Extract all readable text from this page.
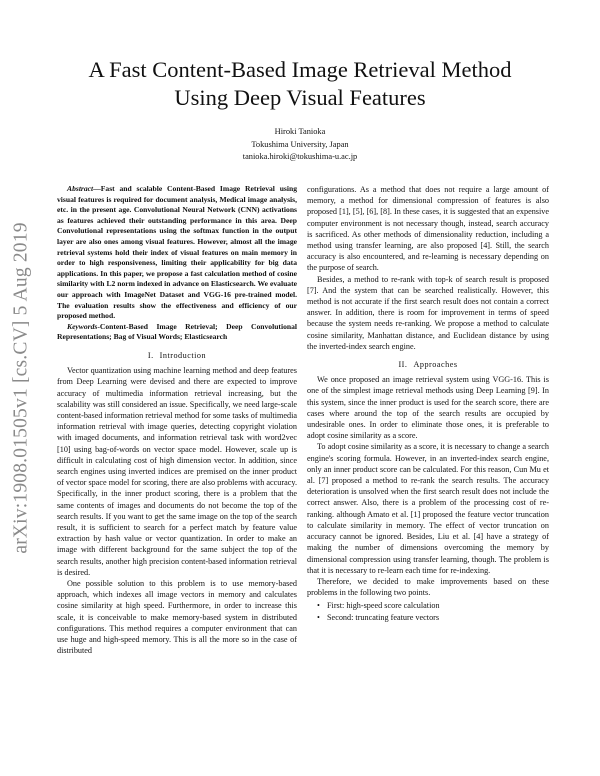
arXiv:1908.01505v1 [cs.CV] 5 Aug 2019
A Fast Content-Based Image Retrieval Method
Using Deep Visual Features
Hiroki Tanioka
Tokushima University, Japan
tanioka.hiroki@tokushima-u.ac.jp

Abstract—Fast and scalable Content-Based Image Retrieval using visual features is required for document analysis, Medical image analysis, etc. in the present age. Convolutional Neural Network (CNN) activations as features achieved their outstanding performance in this area. Deep Convolutional representations using the softmax function in the output layer are also ones among visual features. However, almost all the image retrieval systems hold their index of visual features on main memory in order to high responsiveness, limiting their applicability for big data applications. In this paper, we propose a fast calculation method of cosine similarity with L2 norm indexed in advance on Elasticsearch. We evaluate our approach with ImageNet Dataset and VGG-16 pre-trained model. The evaluation results show the effectiveness and efficiency of our proposed method.

Keywords-Content-Based Image Retrieval; Deep Convolutional Representations; Bag of Visual Words; Elasticsearch

I. Introduction

Vector quantization using machine learning method and deep features from Deep Learning were devised and there are expected to improve accuracy of multimedia information retrieval increasing, but the scalability was still considered an issue. Specifically, we need large-scale content-based information retrieval method for some tasks of multimedia information retrieval with image queries, detecting copyright violation with imaged documents, and information retrieval task with word2vec [10] using bag-of-words on vector space model. However, scale up is difficult in calculating cost of high dimension vector. In addition, since search engines using inverted indices are premised on the inner product of vector space model for scoring, there are also problems with accuracy. Specifically, in the inner product scoring, there is a problem that the same contents of images and documents do not become the top of the search results. If you want to get the same image on the top of the search result, it is sufficient to search for a perfect match by feature value extraction by hash value or vector quantization. In order to make an image with different background for the same subject the top of the search results, another high precision content-based information retrieval is desired.

One possible solution to this problem is to use memory-based approach, which indexes all image vectors in memory and calculates cosine similarity at high speed. Furthermore, in order to increase this scale, it is conceivable to make memory-based system in distributed configurations. This method requires a computer environment that can use huge and high-speed memory. This is all the more so in the case of distributed

configurations. As a method that does not require a large amount of memory, a method for dimensional compression of features is also proposed [1], [5], [6], [8]. In these cases, it is suggested that an expensive computer environment is not necessary though, instead, search accuracy is sacrificed. As other methods of dimensionality reduction, including a method using transfer learning, are also proposed [4]. Still, the search accuracy is also encountered, and re-learning is necessary depending on the purpose of search.

Besides, a method to re-rank with top-k of search result is proposed [7]. And the system that can be searched realistically. However, this method is not accurate if the first search result does not contain a correct answer. In addition, there is room for improvement in terms of speed because the system needs re-ranking. We propose a method to calculate cosine similarity, Manhattan distance, and Euclidean distance by using the inverted-index search engine.

II. Approaches

We once proposed an image retrieval system using VGG-16. This is one of the simplest image retrieval methods using Deep Learning [9]. In this system, since the inner product is used for the search score, there are cases where around the top of the search results are occupied by undesirable ones. In order to eliminate those ones, it is preferable to adopt cosine similarity as a score.

To adopt cosine similarity as a score, it is necessary to change a search engine's scoring formula. However, in an inverted-index search engine, only an inner product score can be calculated. For this reason, Cun Mu et al. [7] proposed a method to re-rank the search results. The accuracy deterioration is unsolved when the first search result does not include the correct answer. Also, there is a problem of the processing cost of re-ranking. although Amato et al. [1] proposed the feature vector truncation to calculate similarity in memory. The effect of vector truncation on accuracy cannot be ignored. Besides, Liu et al. [4] have a strategy of making the number of dimensions overcoming the memory by dimensional compression using transfer learning, though. The problem is that it is necessary to re-learn each time for re-indexing.

Therefore, we decided to make improvements based on these problems in the following two points.

• First: high-speed score calculation
• Second: truncating feature vectors
